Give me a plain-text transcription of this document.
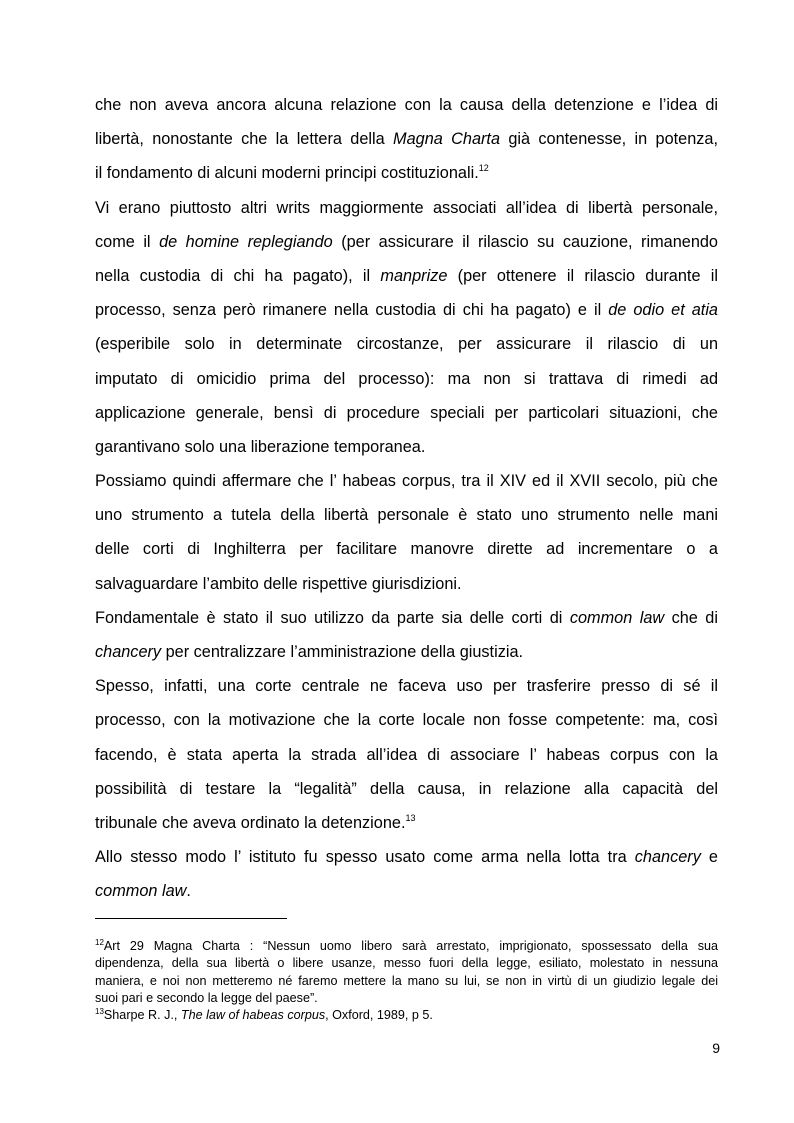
che non aveva ancora alcuna relazione con la causa della detenzione e l’idea di
libertà, nonostante che la lettera della Magna Charta già contenesse, in potenza,
il fondamento di alcuni moderni principi costituzionali.$^{12}$
Vi erano piuttosto altri writs maggiormente associati all’idea di libertà personale,
come il de homine replegiando (per assicurare il rilascio su cauzione, rimanendo
nella custodia di chi ha pagato), il manprize (per ottenere il rilascio durante il
processo, senza però rimanere nella custodia di chi ha pagato) e il de odio et atia
(esperibile solo in determinate circostanze, per assicurare il rilascio di un
imputato di omicidio prima del processo): ma non si trattava di rimedi ad
applicazione generale, bensì di procedure speciali per particolari situazioni, che
garantivano solo una liberazione temporanea.
Possiamo quindi affermare che l’ habeas corpus, tra il XIV ed il XVII secolo, più che
uno strumento a tutela della libertà personale è stato uno strumento nelle mani
delle corti di Inghilterra per facilitare manovre dirette ad incrementare o a
salvaguardare l’ambito delle rispettive giurisdizioni.
Fondamentale è stato il suo utilizzo da parte sia delle corti di common law che di
chancery per centralizzare l’amministrazione della giustizia.
Spesso, infatti, una corte centrale ne faceva uso per trasferire presso di sé il
processo, con la motivazione che la corte locale non fosse competente: ma, così
facendo, è stata aperta la strada all’idea di associare l’ habeas corpus con la
possibilità di testare la “legalità” della causa, in relazione alla capacità del
tribunale che aveva ordinato la detenzione.$^{13}$
Allo stesso modo l’ istituto fu spesso usato come arma nella lotta tra chancery e
common law.
$^{12}$Art 29 Magna Charta : “Nessun uomo libero sarà arrestato, imprigionato, spossessato della sua
dipendenza, della sua libertà o libere usanze, messo fuori della legge, esiliato, molestato in nessuna
maniera, e noi non metteremo né faremo mettere la mano su lui, se non in virtù di un giudizio legale dei
suoi pari e secondo la legge del paese”.
$^{13}$Sharpe R. J., The law of habeas corpus, Oxford, 1989, p 5.
9
